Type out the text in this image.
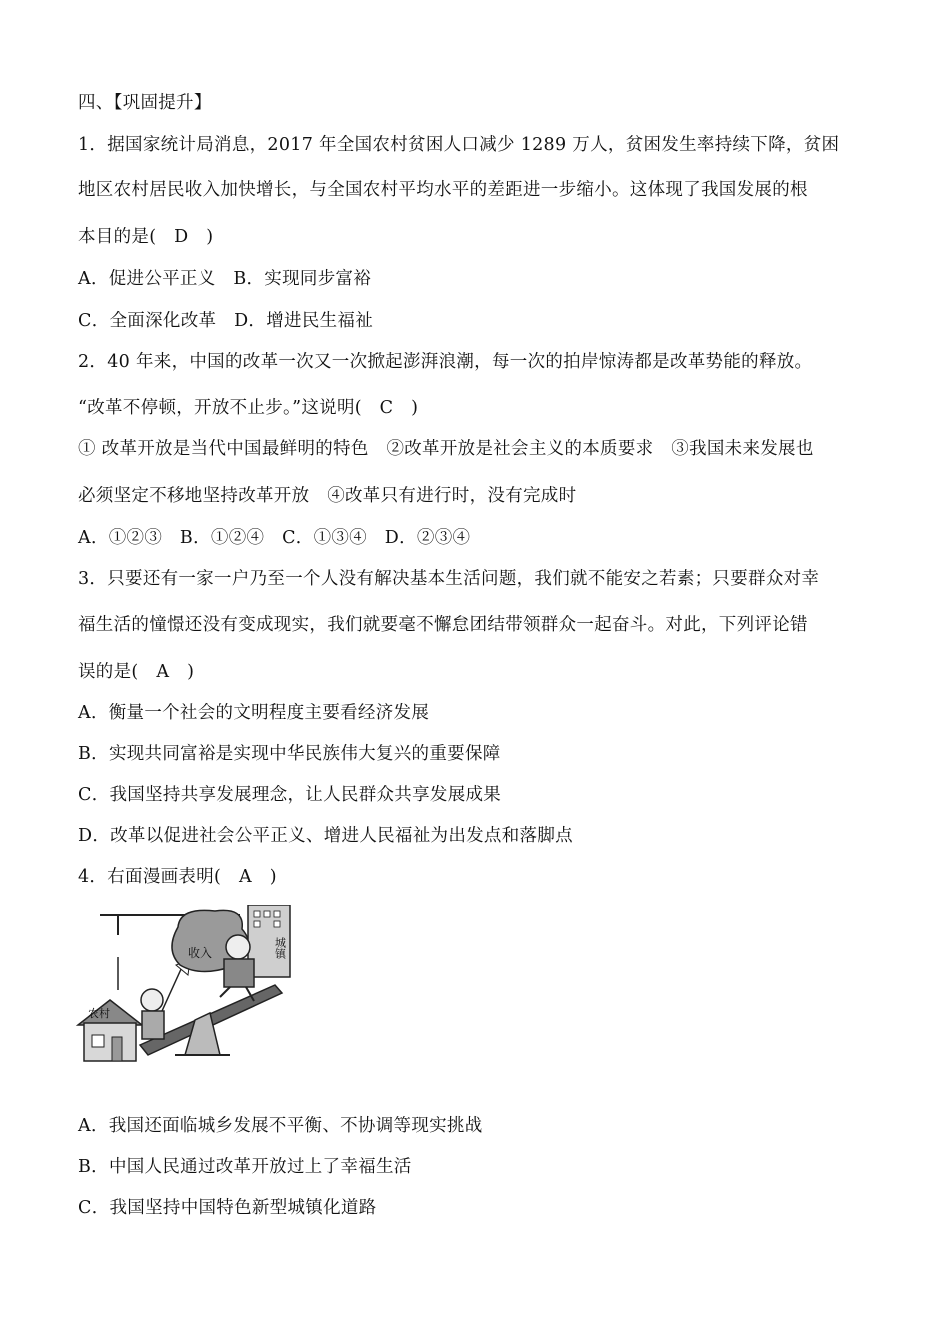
四、【巩固提升】
1．据国家统计局消息，2017 年全国农村贫困人口减少 1289 万人，贫困发生率持续下降，贫困
地区农村居民收入加快增长，与全国农村平均水平的差距进一步缩小。这体现了我国发展的根
本目的是(　D　)
A．促进公平正义　B．实现同步富裕
C．全面深化改革　D．增进民生福祉
2．40 年来，中国的改革一次又一次掀起澎湃浪潮，每一次的拍岸惊涛都是改革势能的释放。
“改革不停顿，开放不止步。”这说明(　C　)
① 改革开放是当代中国最鲜明的特色　②改革开放是社会主义的本质要求　③我国未来发展也
必须坚定不移地坚持改革开放　④改革只有进行时，没有完成时
A．①②③　B．①②④　C．①③④　D．②③④
3．只要还有一家一户乃至一个人没有解决基本生活问题，我们就不能安之若素；只要群众对幸
福生活的憧憬还没有变成现实，我们就要毫不懈怠团结带领群众一起奋斗。对此，下列评论错
误的是(　A　)
A．衡量一个社会的文明程度主要看经济发展
B．实现共同富裕是实现中华民族伟大复兴的重要保障
C．我国坚持共享发展理念，让人民群众共享发展成果
D．改革以促进社会公平正义、增进人民福祉为出发点和落脚点
4．右面漫画表明(　A　)
收入	城镇
农村
A．我国还面临城乡发展不平衡、不协调等现实挑战
B．中国人民通过改革开放过上了幸福生活
C．我国坚持中国特色新型城镇化道路
